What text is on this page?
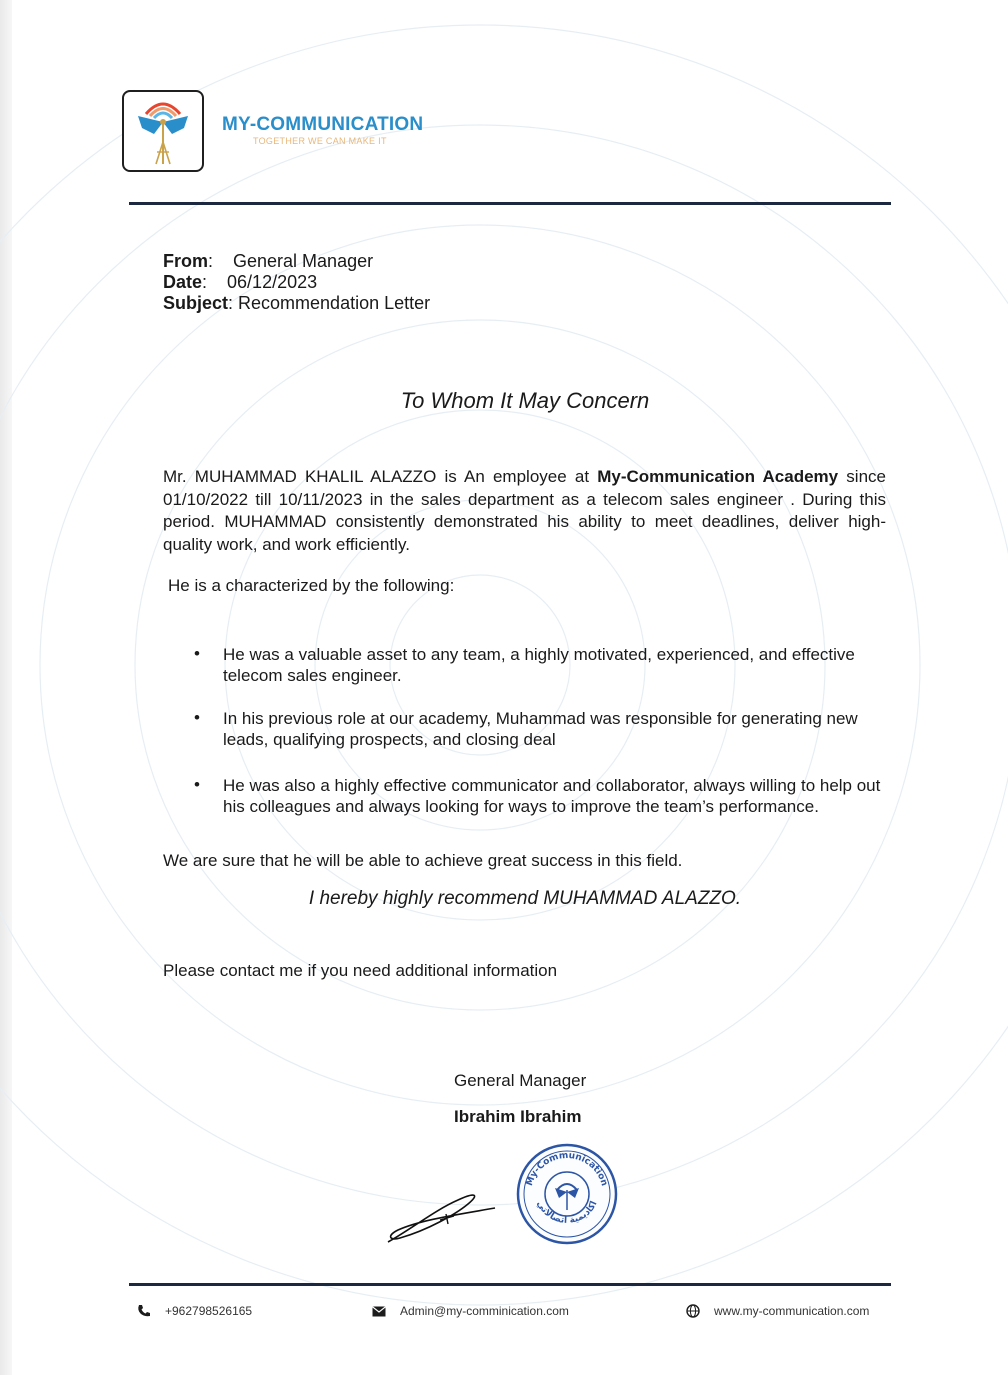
MY-COMMUNICATION
TOGETHER WE CAN MAKE IT
From:    General Manager
Date:    06/12/2023
Subject: Recommendation Letter
To Whom It May Concern
Mr. MUHAMMAD KHALIL ALAZZO is An employee at My-Communication Academy since 01/10/2022 till 10/11/2023 in the sales department as a telecom sales engineer . During this period. MUHAMMAD consistently demonstrated his ability to meet deadlines, deliver high-quality work, and work efficiently.
He is a characterized by the following:
• He was a valuable asset to any team, a highly motivated, experienced, and effective telecom sales engineer.
• In his previous role at our academy, Muhammad was responsible for generating new leads, qualifying prospects, and closing deal
• He was also a highly effective communicator and collaborator, always willing to help out his colleagues and always looking for ways to improve the team’s performance.
We are sure that he will be able to achieve great success in this field.
I hereby highly recommend MUHAMMAD ALAZZO.
Please contact me if you need additional information
General Manager
Ibrahim Ibrahim
My-Communication
اكاديمية اتصالاتي
+962798526165	Admin@my-comminication.com	www.my-communication.com
